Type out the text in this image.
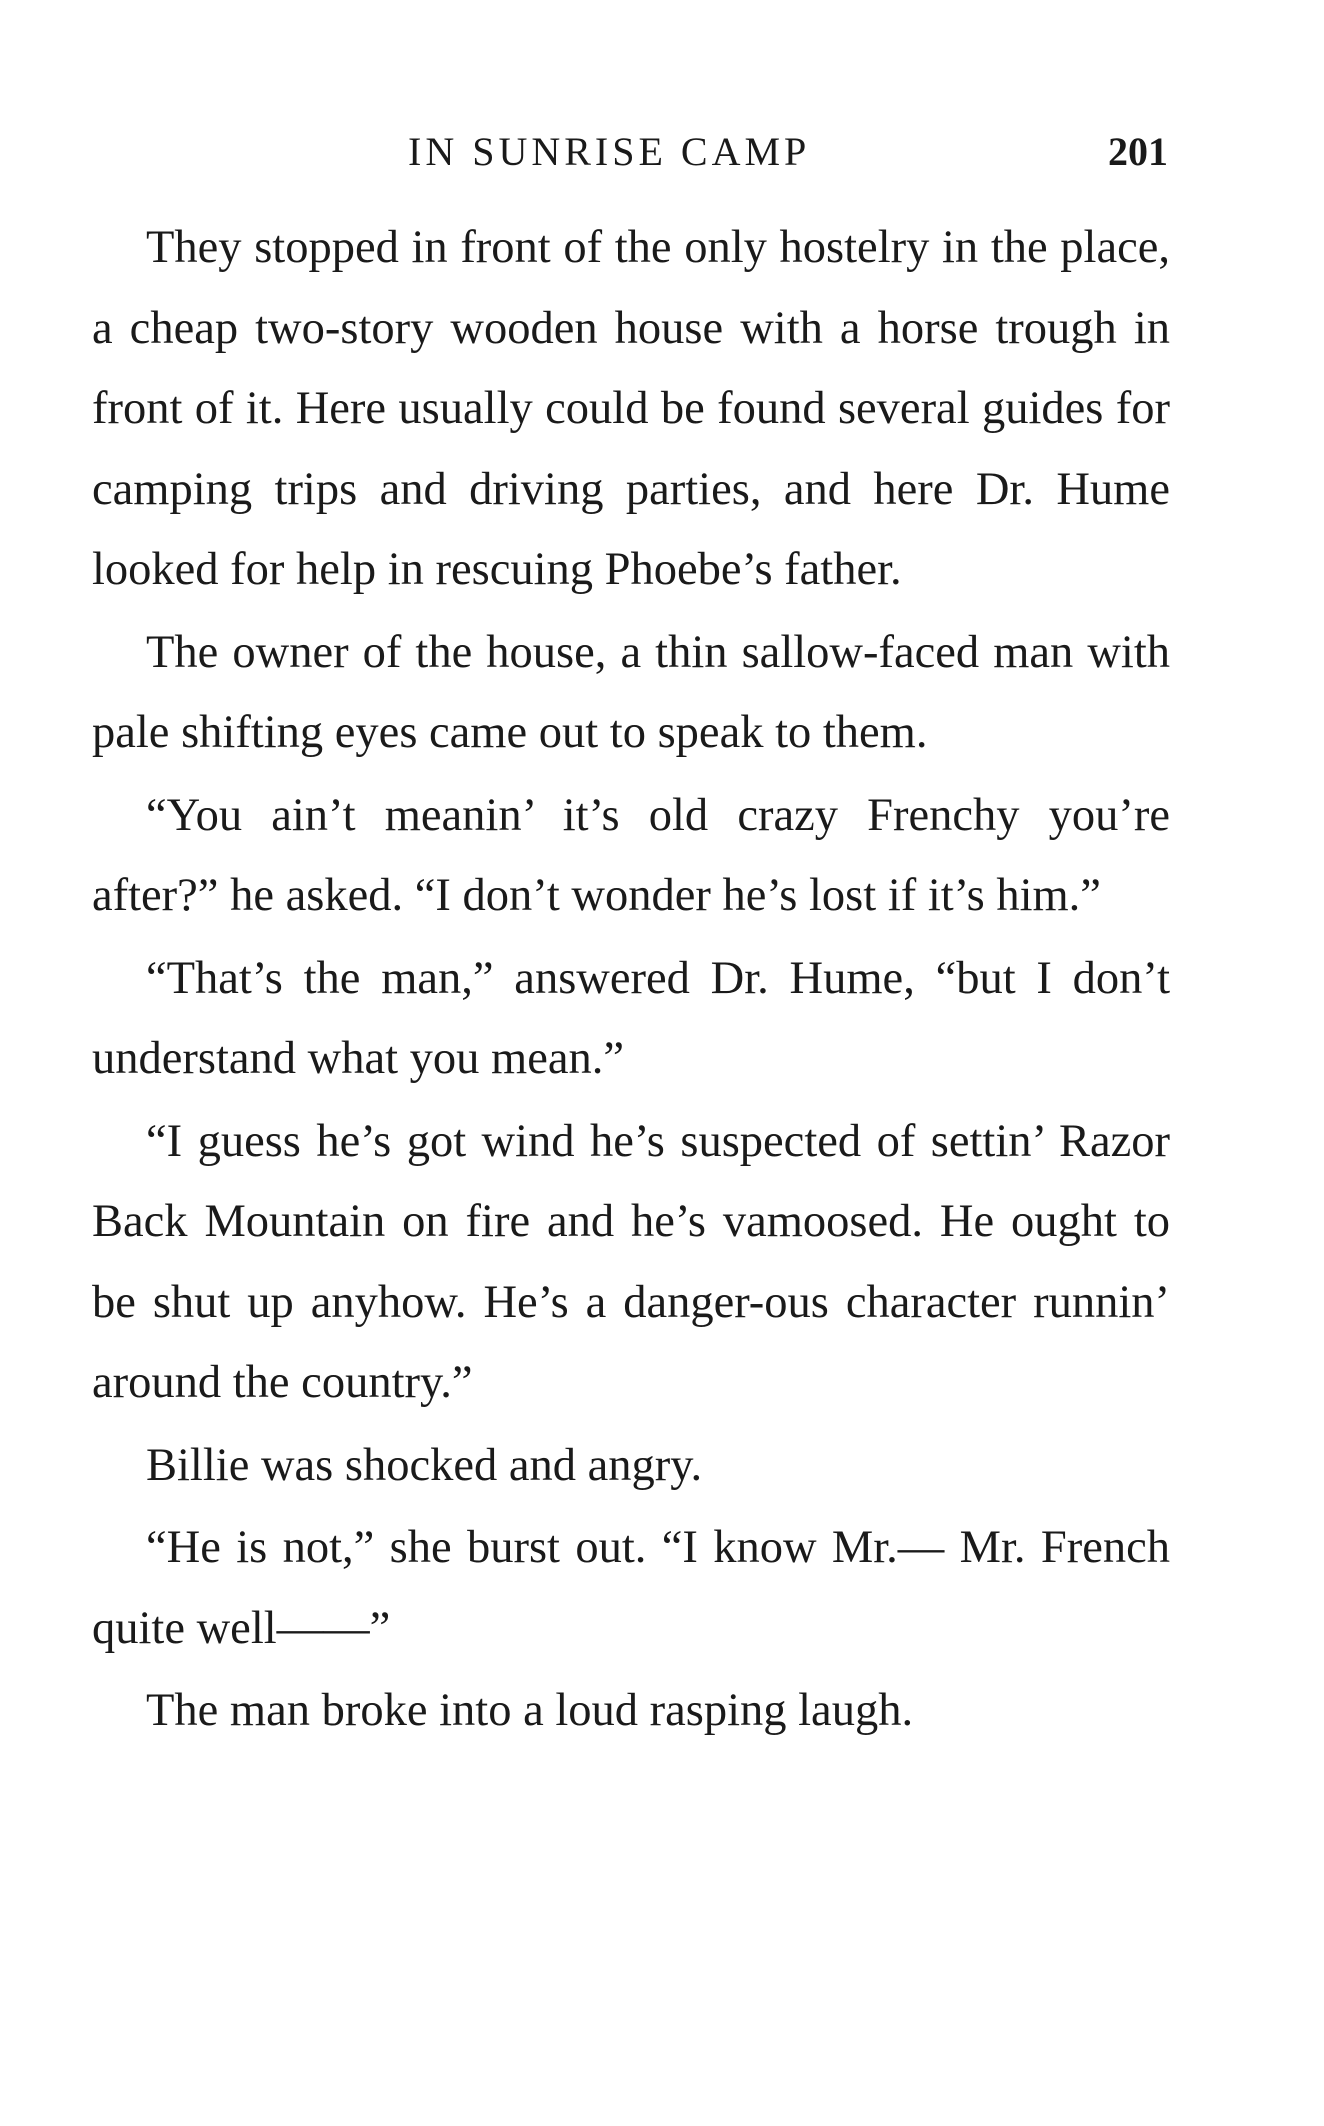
IN SUNRISE CAMP	201

They stopped in front of the only hostelry in the place, a cheap two-story wooden house with a horse trough in front of it. Here usually could be found several guides for camping trips and driving parties, and here Dr. Hume looked for help in rescuing Phoebe’s father.

The owner of the house, a thin sallow-faced man with pale shifting eyes came out to speak to them.

“You ain’t meanin’ it’s old crazy Frenchy you’re after?” he asked. “I don’t wonder he’s lost if it’s him.”

“That’s the man,” answered Dr. Hume, “but I don’t understand what you mean.”

“I guess he’s got wind he’s suspected of settin’ Razor Back Mountain on fire and he’s vamoosed. He ought to be shut up anyhow. He’s a danger-ous character runnin’ around the country.”

Billie was shocked and angry.

“He is not,” she burst out. “I know Mr.— Mr. French quite well——”

The man broke into a loud rasping laugh.
